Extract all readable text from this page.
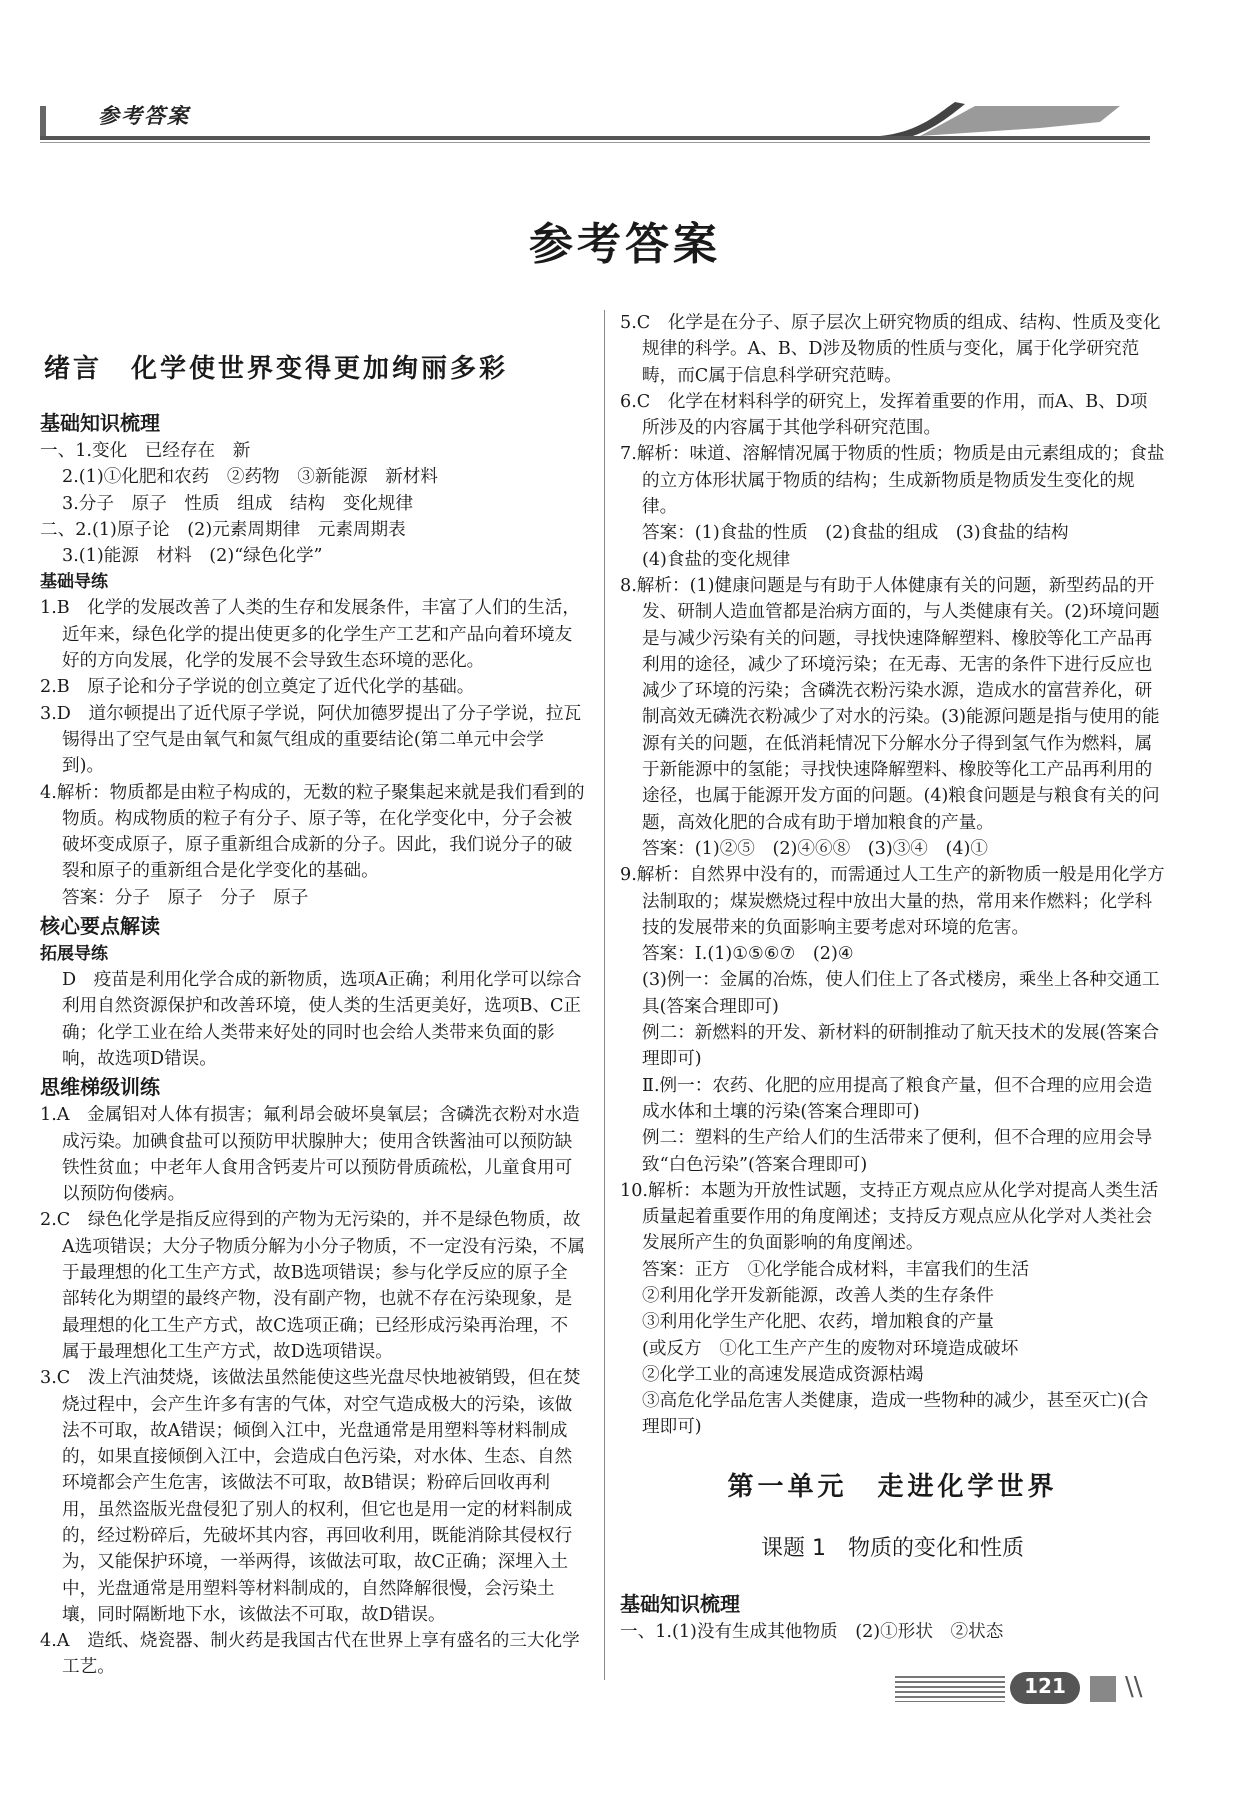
参考答案
参考答案

绪言　化学使世界变得更加绚丽多彩

基础知识梳理

一、1.变化　已经存在　新

2.(1)①化肥和农药　②药物　③新能源　新材料

3.分子　原子　性质　组成　结构　变化规律

二、2.(1)原子论　(2)元素周期律　元素周期表

3.(1)能源　材料　(2)“绿色化学”

基础导练

1.B　化学的发展改善了人类的生存和发展条件，丰富了人们的生活，近年来，绿色化学的提出使更多的化学生产工艺和产品向着环境友好的方向发展，化学的发展不会导致生态环境的恶化。

2.B　原子论和分子学说的创立奠定了近代化学的基础。

3.D　道尔顿提出了近代原子学说，阿伏加德罗提出了分子学说，拉瓦锡得出了空气是由氧气和氮气组成的重要结论(第二单元中会学到)。

4.解析：物质都是由粒子构成的，无数的粒子聚集起来就是我们看到的物质。构成物质的粒子有分子、原子等，在化学变化中，分子会被破坏变成原子，原子重新组合成新的分子。因此，我们说分子的破裂和原子的重新组合是化学变化的基础。

答案：分子　原子　分子　原子

核心要点解读

拓展导练

D　疫苗是利用化学合成的新物质，选项A正确；利用化学可以综合利用自然资源保护和改善环境，使人类的生活更美好，选项B、C正确；化学工业在给人类带来好处的同时也会给人类带来负面的影响，故选项D错误。

思维梯级训练

1.A　金属铝对人体有损害；氟利昂会破坏臭氧层；含磷洗衣粉对水造成污染。加碘食盐可以预防甲状腺肿大；使用含铁酱油可以预防缺铁性贫血；中老年人食用含钙麦片可以预防骨质疏松，儿童食用可以预防佝偻病。

2.C　绿色化学是指反应得到的产物为无污染的，并不是绿色物质，故A选项错误；大分子物质分解为小分子物质，不一定没有污染，不属于最理想的化工生产方式，故B选项错误；参与化学反应的原子全部转化为期望的最终产物，没有副产物，也就不存在污染现象，是最理想的化工生产方式，故C选项正确；已经形成污染再治理，不属于最理想化工生产方式，故D选项错误。

3.C　泼上汽油焚烧，该做法虽然能使这些光盘尽快地被销毁，但在焚烧过程中，会产生许多有害的气体，对空气造成极大的污染，该做法不可取，故A错误；倾倒入江中，光盘通常是用塑料等材料制成的，如果直接倾倒入江中，会造成白色污染，对水体、生态、自然环境都会产生危害，该做法不可取，故B错误；粉碎后回收再利用，虽然盗版光盘侵犯了别人的权利，但它也是用一定的材料制成的，经过粉碎后，先破坏其内容，再回收利用，既能消除其侵权行为，又能保护环境，一举两得，该做法可取，故C正确；深埋入土中，光盘通常是用塑料等材料制成的，自然降解很慢，会污染土壤，同时隔断地下水，该做法不可取，故D错误。

4.A　造纸、烧瓷器、制火药是我国古代在世界上享有盛名的三大化学工艺。

5.C　化学是在分子、原子层次上研究物质的组成、结构、性质及变化规律的科学。A、B、D涉及物质的性质与变化，属于化学研究范畴，而C属于信息科学研究范畴。

6.C　化学在材料科学的研究上，发挥着重要的作用，而A、B、D项所涉及的内容属于其他学科研究范围。

7.解析：味道、溶解情况属于物质的性质；物质是由元素组成的；食盐的立方体形状属于物质的结构；生成新物质是物质发生变化的规律。

答案：(1)食盐的性质　(2)食盐的组成　(3)食盐的结构

(4)食盐的变化规律

8.解析：(1)健康问题是与有助于人体健康有关的问题，新型药品的开发、研制人造血管都是治病方面的，与人类健康有关。(2)环境问题是与减少污染有关的问题，寻找快速降解塑料、橡胶等化工产品再利用的途径，减少了环境污染；在无毒、无害的条件下进行反应也减少了环境的污染；含磷洗衣粉污染水源，造成水的富营养化，研制高效无磷洗衣粉减少了对水的污染。(3)能源问题是指与使用的能源有关的问题，在低消耗情况下分解水分子得到氢气作为燃料，属于新能源中的氢能；寻找快速降解塑料、橡胶等化工产品再利用的途径，也属于能源开发方面的问题。(4)粮食问题是与粮食有关的问题，高效化肥的合成有助于增加粮食的产量。

答案：(1)②⑤　(2)④⑥⑧　(3)③④　(4)①

9.解析：自然界中没有的，而需通过人工生产的新物质一般是用化学方法制取的；煤炭燃烧过程中放出大量的热，常用来作燃料；化学科技的发展带来的负面影响主要考虑对环境的危害。

答案：Ⅰ.(1)①⑤⑥⑦　(2)④

(3)例一：金属的冶炼，使人们住上了各式楼房，乘坐上各种交通工具(答案合理即可)

例二：新燃料的开发、新材料的研制推动了航天技术的发展(答案合理即可)

Ⅱ.例一：农药、化肥的应用提高了粮食产量，但不合理的应用会造成水体和土壤的污染(答案合理即可)

例二：塑料的生产给人们的生活带来了便利，但不合理的应用会导致“白色污染”(答案合理即可)

10.解析：本题为开放性试题，支持正方观点应从化学对提高人类生活质量起着重要作用的角度阐述；支持反方观点应从化学对人类社会发展所产生的负面影响的角度阐述。

答案：正方　①化学能合成材料，丰富我们的生活

②利用化学开发新能源，改善人类的生存条件

③利用化学生产化肥、农药，增加粮食的产量

(或反方　①化工生产产生的废物对环境造成破坏

②化学工业的高速发展造成资源枯竭

③高危化学品危害人类健康，造成一些物种的减少，甚至灭亡)(合理即可)

第一单元　走进化学世界

课题 1　物质的变化和性质

基础知识梳理

一、1.(1)没有生成其他物质　(2)①形状　②状态

121	\\
